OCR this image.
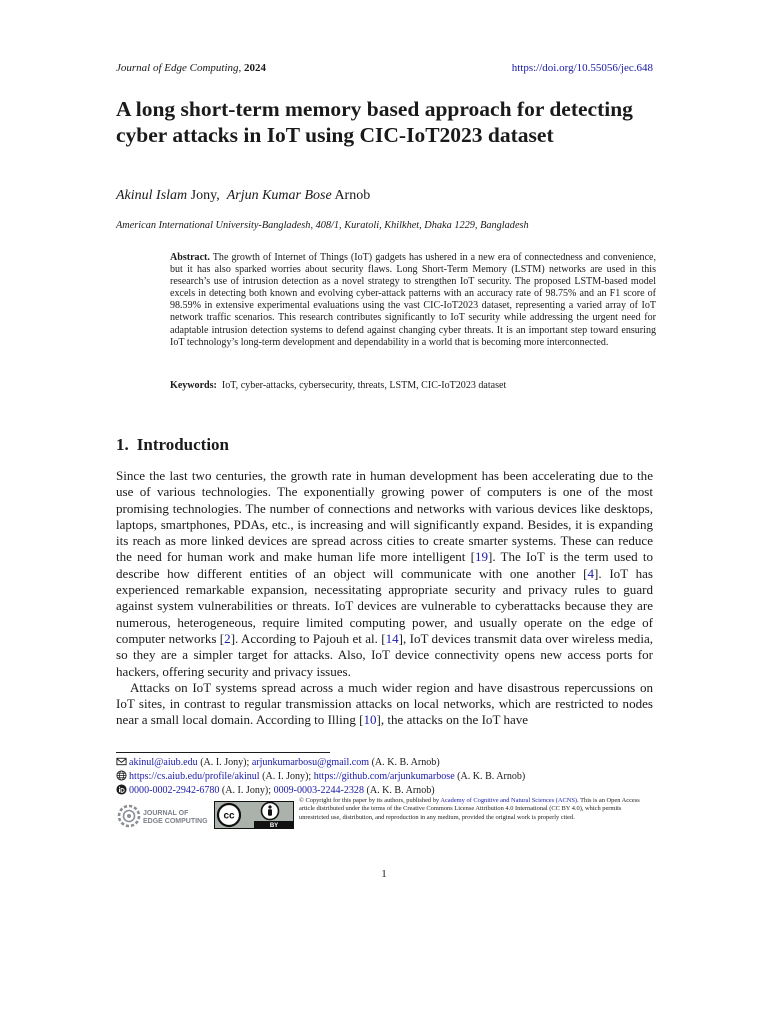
Journal of Edge Computing, 2024	https://doi.org/10.55056/jec.648
A long short-term memory based approach for detecting cyber attacks in IoT using CIC-IoT2023 dataset
Akinul Islam Jony,  Arjun Kumar Bose Arnob
American International University-Bangladesh, 408/1, Kuratoli, Khilkhet, Dhaka 1229, Bangladesh
Abstract. The growth of Internet of Things (IoT) gadgets has ushered in a new era of connectedness and convenience, but it has also sparked worries about security flaws. Long Short-Term Memory (LSTM) networks are used in this research’s use of intrusion detection as a novel strategy to strengthen IoT security. The proposed LSTM-based model excels in detecting both known and evolving cyber-attack patterns with an accuracy rate of 98.75% and an F1 score of 98.59% in extensive experimental evaluations using the vast CIC-IoT2023 dataset, representing a varied array of IoT network traffic scenarios. This research contributes significantly to IoT security while addressing the urgent need for adaptable intrusion detection systems to defend against changing cyber threats. It is an important step toward ensuring IoT technology’s long-term development and dependability in a world that is becoming more interconnected.
Keywords: IoT, cyber-attacks, cybersecurity, threats, LSTM, CIC-IoT2023 dataset
1. Introduction

Since the last two centuries, the growth rate in human development has been accelerating due to the use of various technologies. The exponentially growing power of computers is one of the most promising technologies. The number of connections and networks with various devices like desktops, laptops, smartphones, PDAs, etc., is increasing and will significantly expand. Besides, it is expanding its reach as more linked devices are spread across cities to create smarter systems. These can reduce the need for human work and make human life more intelligent [19]. The IoT is the term used to describe how different entities of an object will communicate with one another [4]. IoT has experienced remarkable expansion, necessitating appropriate security and privacy rules to guard against system vulnerabilities or threats. IoT devices are vulnerable to cyberattacks because they are numerous, heterogeneous, require limited computing power, and usually operate on the edge of computer networks [2]. According to Pajouh et al. [14], IoT devices transmit data over wireless media, so they are a simpler target for attacks. Also, IoT device connectivity opens new access ports for hackers, offering security and privacy issues.

Attacks on IoT systems spread across a much wider region and have disastrous repercussions on IoT sites, in contrast to regular transmission attacks on local networks, which are restricted to nodes near a small local domain. According to Illing [10], the attacks on the IoT have

akinul@aiub.edu (A. I. Jony); arjunkumarbosu@gmail.com (A. K. B. Arnob)
https://cs.aiub.edu/profile/akinul (A. I. Jony); https://github.com/arjunkumarbose (A. K. B. Arnob)
0000-0002-2942-6780 (A. I. Jony); 0009-0003-2244-2328 (A. K. B. Arnob)
JOURNAL OF
EDGE COMPUTING cc
BY
© Copyright for this paper by its authors, published by Academy of Cognitive and Natural Sciences (ACNS). This is an Open Access article distributed under the terms of the Creative Commons License Attribution 4.0 International (CC BY 4.0), which permits unrestricted use, distribution, and reproduction in any medium, provided the original work is properly cited.
1
